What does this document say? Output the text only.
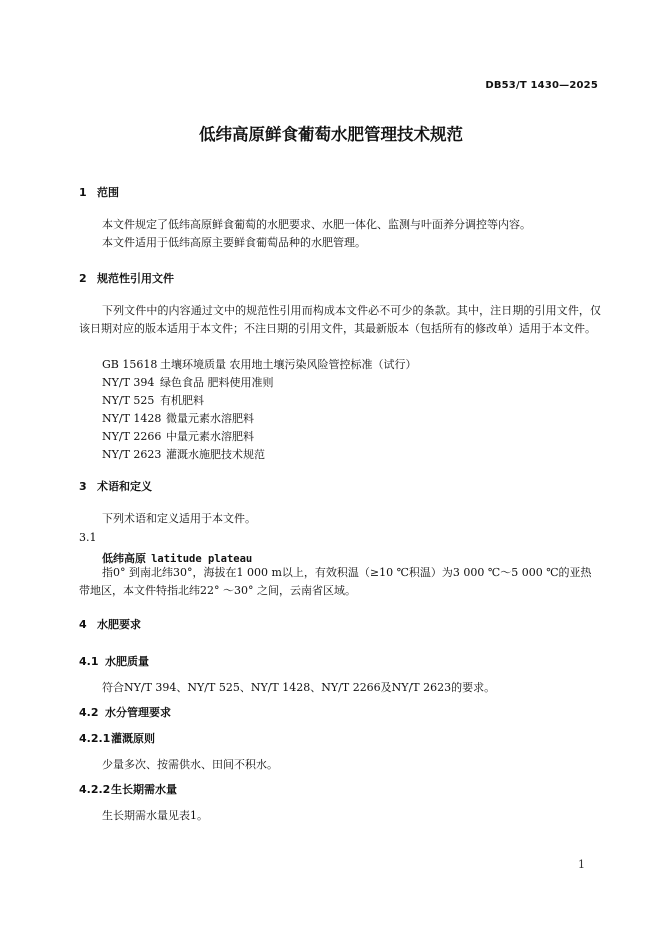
DB53/T 1430—2025
低纬高原鲜食葡萄水肥管理技术规范
1 范围
本文件规定了低纬高原鲜食葡萄的水肥要求、水肥一体化、监测与叶面养分调控等内容。
本文件适用于低纬高原主要鲜食葡萄品种的水肥管理。
2 规范性引用文件
下列文件中的内容通过文中的规范性引用而构成本文件必不可少的条款。其中，注日期的引用文件，仅该日期对应的版本适用于本文件；不注日期的引用文件，其最新版本（包括所有的修改单）适用于本文件。
GB 15618 土壤环境质量 农用地土壤污染风险管控标准（试行）
NY/T 394 绿色食品 肥料使用准则
NY/T 525 有机肥料
NY/T 1428 微量元素水溶肥料
NY/T 2266 中量元素水溶肥料
NY/T 2623 灌溉水施肥技术规范
3 术语和定义
下列术语和定义适用于本文件。
3.1
低纬高原 latitude plateau
指0° 到南北纬30°，海拔在1 000 m以上，有效积温（≥10 ℃积温）为3 000 ℃～5 000 ℃的亚热
带地区，本文件特指北纬22° ～30° 之间，云南省区域。
4 水肥要求
4.1 水肥质量
符合NY/T 394、NY/T 525、NY/T 1428、NY/T 2266及NY/T 2623的要求。
4.2 水分管理要求
4.2.1灌溉原则
少量多次、按需供水、田间不积水。
4.2.2生长期需水量
生长期需水量见表1。
1
